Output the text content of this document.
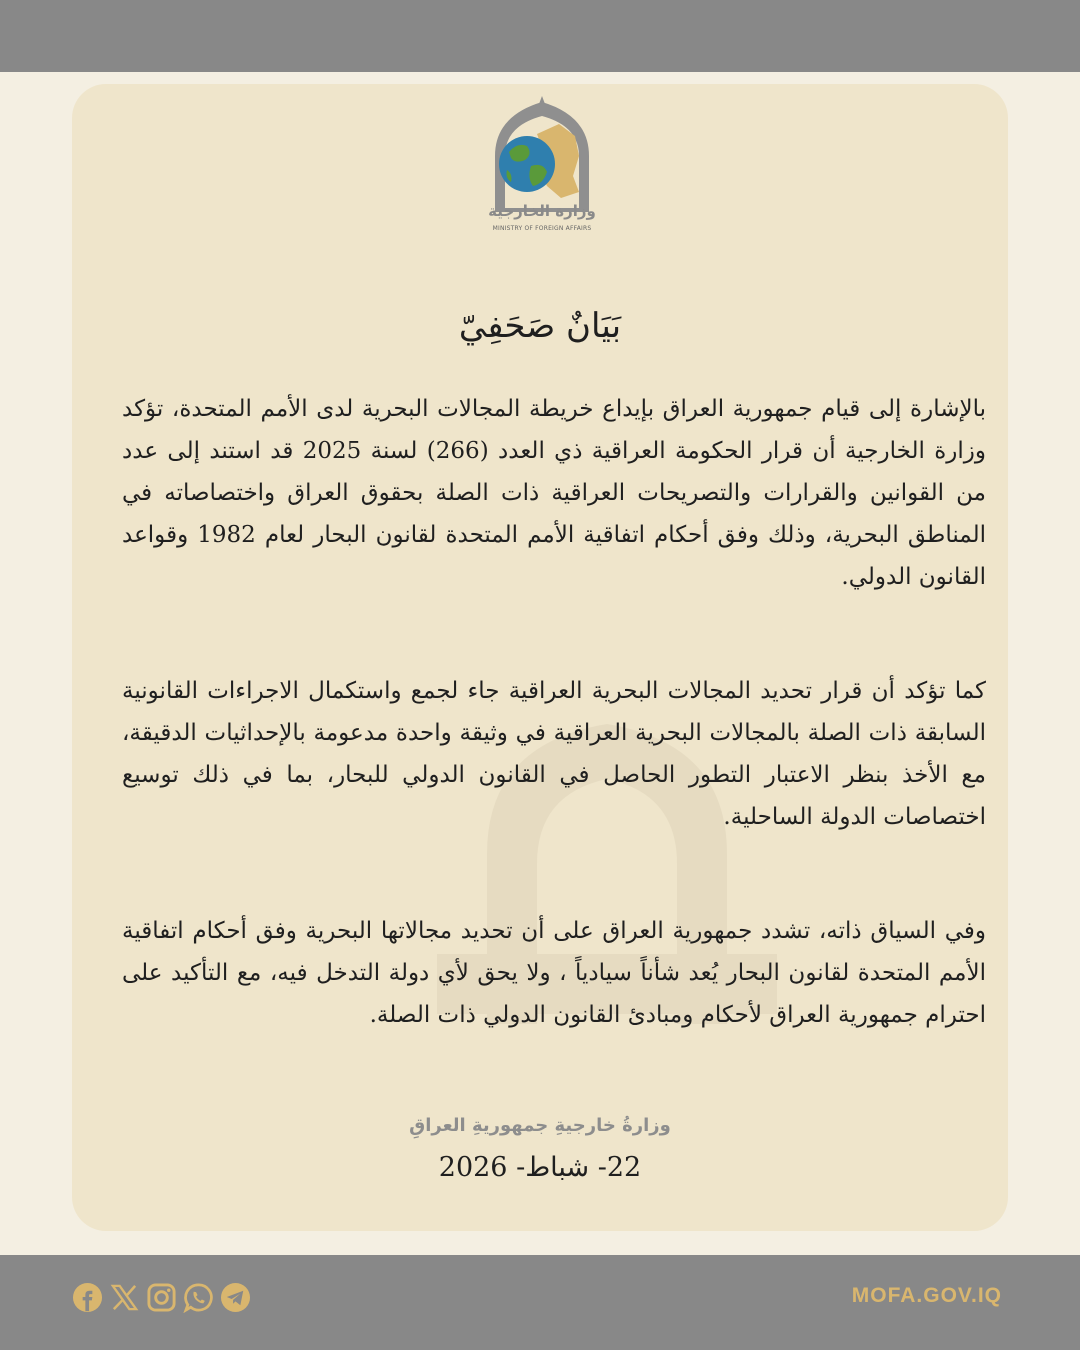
وزارة الخارجية
MINISTRY OF FOREIGN AFFAIRS
بَيَانٌ صَحَفِيّ
بالإشارة إلى قيام جمهورية العراق بإيداع خريطة المجالات البحرية لدى الأمم المتحدة، تؤكد وزارة الخارجية أن قرار الحكومة العراقية ذي العدد (266) لسنة 2025 قد استند إلى عدد من القوانين والقرارات والتصريحات العراقية ذات الصلة بحقوق العراق واختصاصاته في المناطق البحرية، وذلك وفق أحكام اتفاقية الأمم المتحدة لقانون البحار لعام 1982 وقواعد القانون الدولي.
كما تؤكد أن قرار تحديد المجالات البحرية العراقية جاء لجمع واستكمال الاجراءات القانونية السابقة ذات الصلة بالمجالات البحرية العراقية في وثيقة واحدة مدعومة بالإحداثيات الدقيقة، مع الأخذ بنظر الاعتبار التطور الحاصل في القانون الدولي للبحار، بما في ذلك توسيع اختصاصات الدولة الساحلية.
وفي السياق ذاته، تشدد جمهورية العراق على أن تحديد مجالاتها البحرية وفق أحكام اتفاقية الأمم المتحدة لقانون البحار يُعد شأناً سيادياً ، ولا يحق لأي دولة التدخل فيه، مع التأكيد على احترام جمهورية العراق لأحكام ومبادئ القانون الدولي ذات الصلة.
وزارةُ خارجيةِ جمهوريةِ العراقِ
22- شباط- 2026
MOFA.GOV.IQ
